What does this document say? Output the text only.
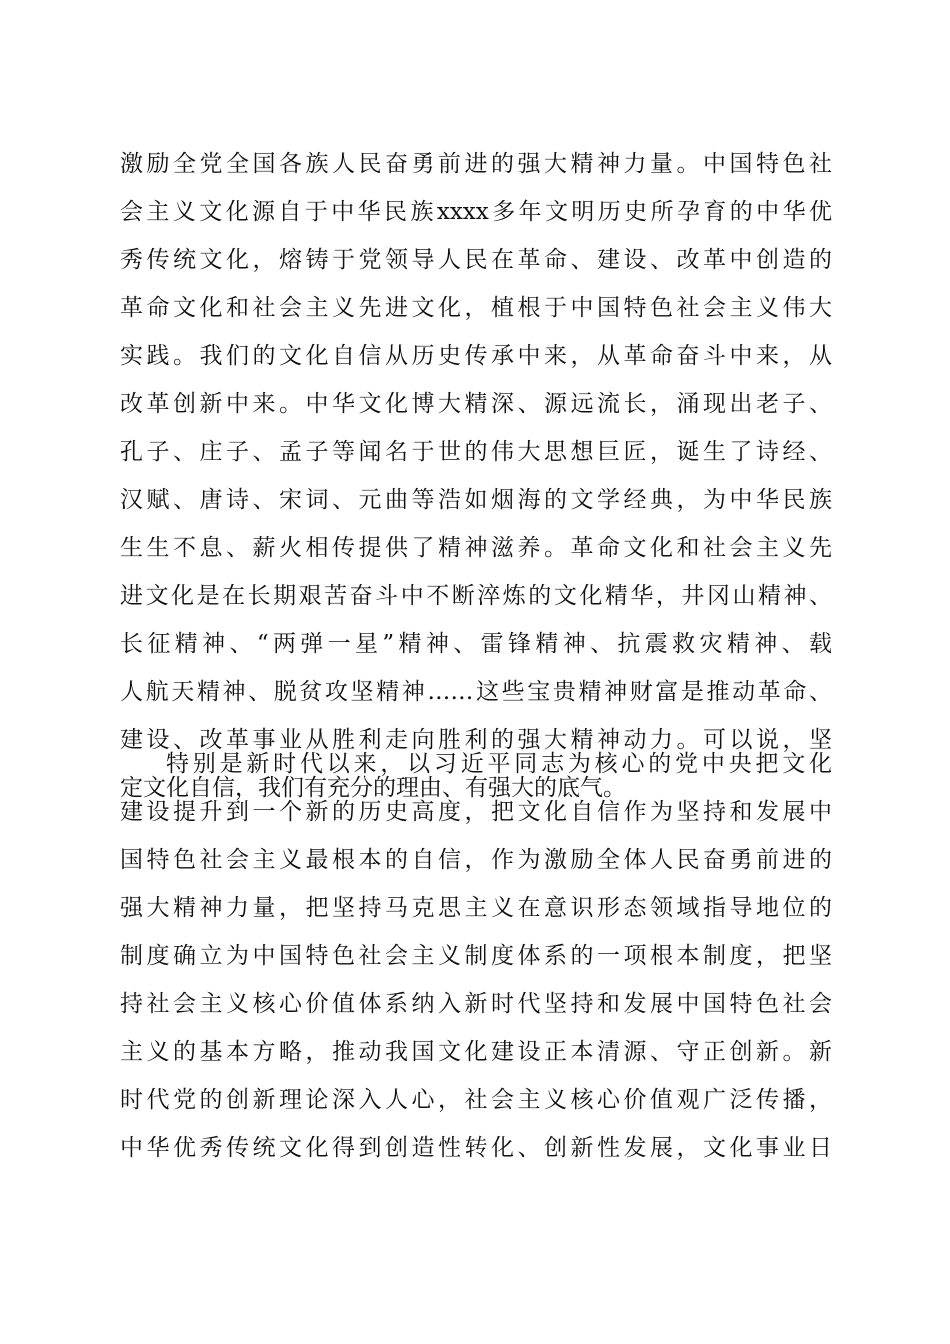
激励全党全国各族人民奋勇前进的强大精神力量。中国特色社
会主义文化源自于中华民族xxxx多年文明历史所孕育的中华优
秀传统文化，熔铸于党领导人民在革命、建设、改革中创造的
革命文化和社会主义先进文化，植根于中国特色社会主义伟大
实践。我们的文化自信从历史传承中来，从革命奋斗中来，从
改革创新中来。中华文化博大精深、源远流长，涌现出老子、
孔子、庄子、孟子等闻名于世的伟大思想巨匠，诞生了诗经、
汉赋、唐诗、宋词、元曲等浩如烟海的文学经典，为中华民族
生生不息、薪火相传提供了精神滋养。革命文化和社会主义先
进文化是在长期艰苦奋斗中不断淬炼的文化精华，井冈山精神、
长征精神、“两弹一星”精神、雷锋精神、抗震救灾精神、载
人航天精神、脱贫攻坚精神……这些宝贵精神财富是推动革命、
建设、改革事业从胜利走向胜利的强大精神动力。可以说，坚
定文化自信，我们有充分的理由、有强大的底气。
特别是新时代以来，以习近平同志为核心的党中央把文化
建设提升到一个新的历史高度，把文化自信作为坚持和发展中
国特色社会主义最根本的自信，作为激励全体人民奋勇前进的
强大精神力量，把坚持马克思主义在意识形态领域指导地位的
制度确立为中国特色社会主义制度体系的一项根本制度，把坚
持社会主义核心价值体系纳入新时代坚持和发展中国特色社会
主义的基本方略，推动我国文化建设正本清源、守正创新。新
时代党的创新理论深入人心，社会主义核心价值观广泛传播，
中华优秀传统文化得到创造性转化、创新性发展，文化事业日
